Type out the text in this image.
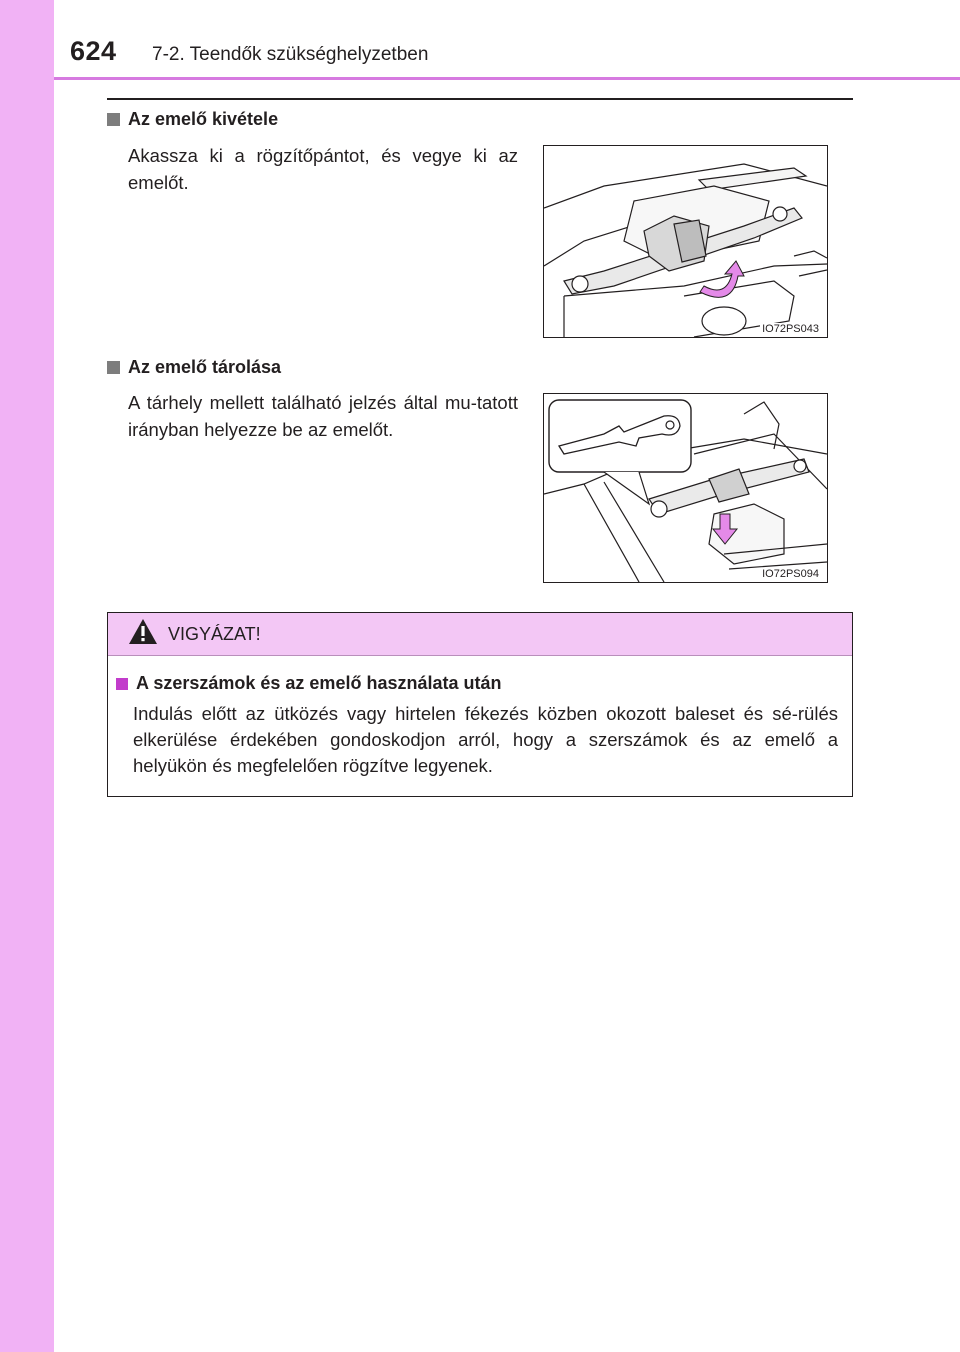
624 7-2. Teendők szükséghelyzetben
Az emelő kivétele
Akassza ki a rögzítőpántot, és vegye ki az emelőt.
IO72PS043
Az emelő tárolása
A tárhely mellett található jelzés által mu-tatott irányban helyezze be az emelőt.
IO72PS094
VIGYÁZAT!
A szerszámok és az emelő használata után
Indulás előtt az ütközés vagy hirtelen fékezés közben okozott baleset és sé-rülés elkerülése érdekében gondoskodjon arról, hogy a szerszámok és az emelő a helyükön és megfelelően rögzítve legyenek.
